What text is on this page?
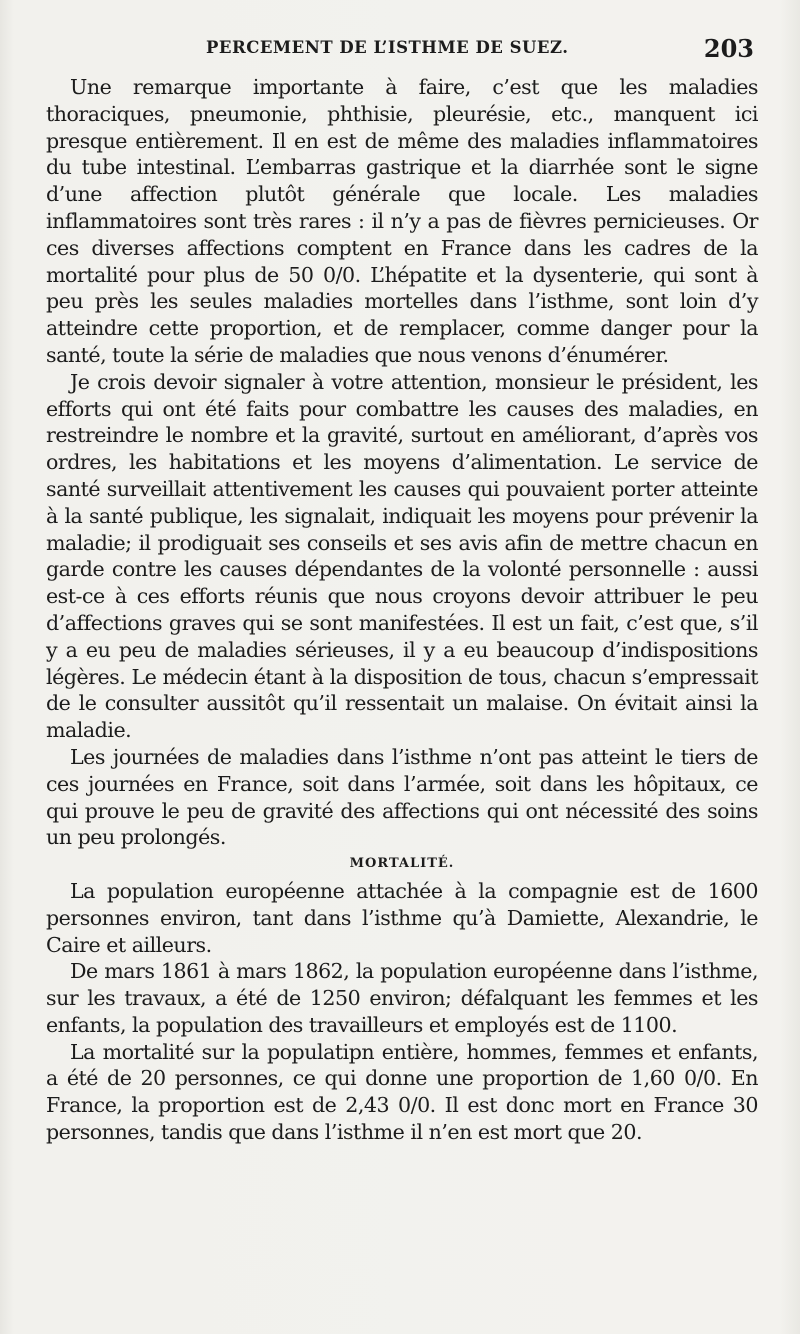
PERCEMENT DE L’ISTHME DE SUEZ.	203

Une remarque importante à faire, c’est que les maladies thoraciques, pneumonie, phthisie, pleurésie, etc., manquent ici presque entièrement. Il en est de même des maladies inflammatoires du tube intestinal. L’embarras gastrique et la diarrhée sont le signe d’une affection plutôt générale que locale. Les maladies inflammatoires sont très rares : il n’y a pas de fièvres pernicieuses. Or ces diverses affections comptent en France dans les cadres de la mortalité pour plus de 50 0/0. L’hépatite et la dysenterie, qui sont à peu près les seules maladies mortelles dans l’isthme, sont loin d’y atteindre cette proportion, et de remplacer, comme danger pour la santé, toute la série de maladies que nous venons d’énumérer.

Je crois devoir signaler à votre attention, monsieur le président, les efforts qui ont été faits pour combattre les causes des maladies, en restreindre le nombre et la gravité, surtout en améliorant, d’après vos ordres, les habitations et les moyens d’alimentation. Le service de santé surveillait attentivement les causes qui pouvaient porter atteinte à la santé publique, les signalait, indiquait les moyens pour prévenir la maladie; il prodiguait ses conseils et ses avis afin de mettre chacun en garde contre les causes dépendantes de la volonté personnelle : aussi est-ce à ces efforts réunis que nous croyons devoir attribuer le peu d’affections graves qui se sont manifestées. Il est un fait, c’est que, s’il y a eu peu de maladies sérieuses, il y a eu beaucoup d’indispositions légères. Le médecin étant à la disposition de tous, chacun s’empressait de le consulter aussitôt qu’il ressentait un malaise. On évitait ainsi la maladie.

Les journées de maladies dans l’isthme n’ont pas atteint le tiers de ces journées en France, soit dans l’armée, soit dans les hôpitaux, ce qui prouve le peu de gravité des affections qui ont nécessité des soins un peu prolongés.

MORTALITÉ.

La population européenne attachée à la compagnie est de 1600 personnes environ, tant dans l’isthme qu’à Damiette, Alexandrie, le Caire et ailleurs.

De mars 1861 à mars 1862, la population européenne dans l’isthme, sur les travaux, a été de 1250 environ; défalquant les femmes et les enfants, la population des travailleurs et employés est de 1100.

La mortalité sur la populatipn entière, hommes, femmes et enfants, a été de 20 personnes, ce qui donne une proportion de 1,60 0/0. En France, la proportion est de 2,43 0/0. Il est donc mort en France 30 personnes, tandis que dans l’isthme il n’en est mort que 20.
